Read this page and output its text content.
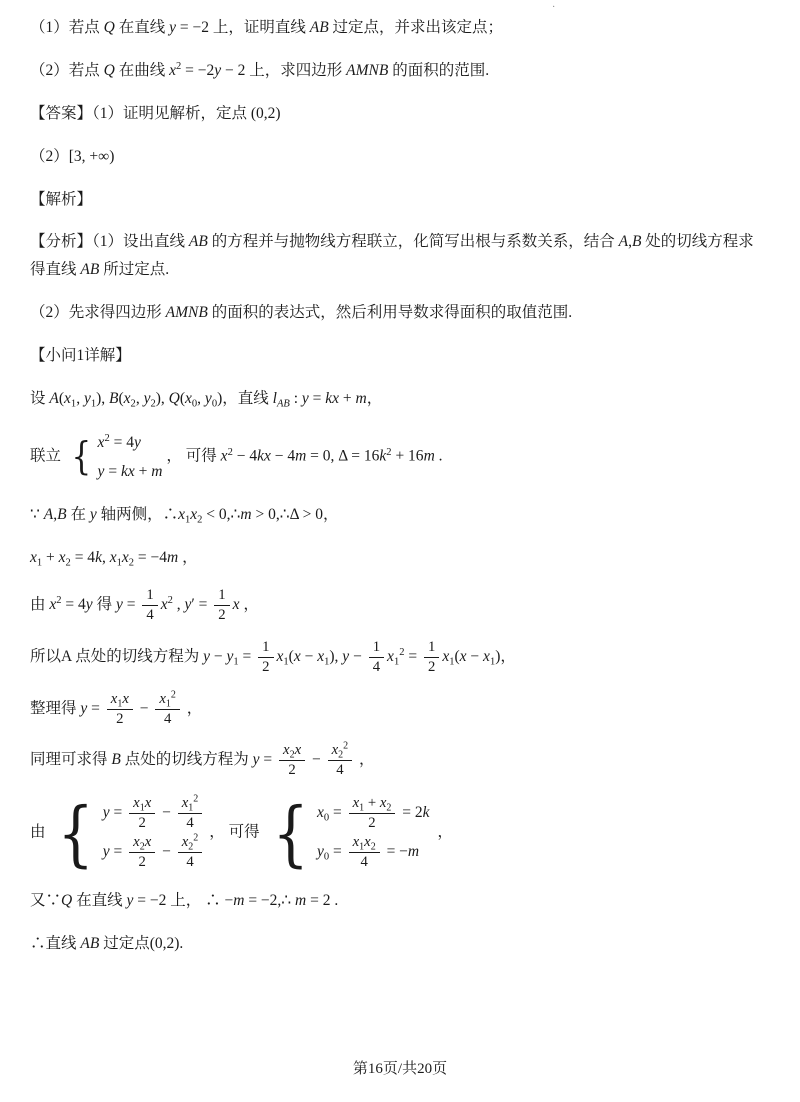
·

（1）若点 Q 在直线 y = −2 上，证明直线 AB 过定点，并求出该定点；

（2）若点 Q 在曲线 $x^2 = -2y - 2$ 上，求四边形 AMNB 的面积的范围.

【答案】（1）证明见解析，定点 (0,2)

（2）[3, +∞)

【解析】

【分析】（1）设出直线 AB 的方程并与抛物线方程联立，化简写出根与系数关系，结合 A,B 处的切线方程求得直线 AB 所过定点.

（2）先求得四边形 AMNB 的面积的表达式，然后利用导数求得面积的取值范围.

【小问1详解】

设 $A(x_1$, $y_1$), $B(x_2$, $y_2$), $Q(x_0$, $y_0$)，直线 $l_{AB}$ : y = kx + m，

联立 { $x^2 = 4y$
y = kx + m
， 可得 $x^2 - 4kx - 4m = 0$, $\Delta = 16k^2 + 16m$ .

∵ A,B 在 y 轴两侧，$\therefore x_1x_2$ < 0,∴m > 0,∴Δ > 0，

$x_1 + x_2 = 4k$, $x_1x_2 = -4m$ ，

由 $x^2 = 4y$ 得 $y = \frac{1}{4} x^2$ , $y' = \frac{1}{2}$ x ，

所以A 点处的切线方程为 $y - y_1 = \frac{1}{2} x_1(x - x_1)$, $y - \frac{1}{4} x_1^2 = \frac{1}{2} x_1(x - x_1)$，

整理得 $y = \frac{x_1x}{2} - \frac{x_1^2}{4}$ ，

同理可求得 B 点处的切线方程为 $y = \frac{x_2x}{2} - \frac{x_2^2}{4}$ ，

由 { $y = \frac{x_1x}{2} - \frac{x_1^2}{4}$
$y = \frac{x_2x}{2} - \frac{x_2^2}{4}$
， 可得 { $x_0 = \frac{x_1 + x_2}{2} = 2k$
$y_0 = \frac{x_1x_2}{4} = -m$
，

又∵Q 在直线 y = −2 上， ∴ −m = −2,∴ m = 2 .

∴直线 AB 过定点(0,2).

第16页/共20页
